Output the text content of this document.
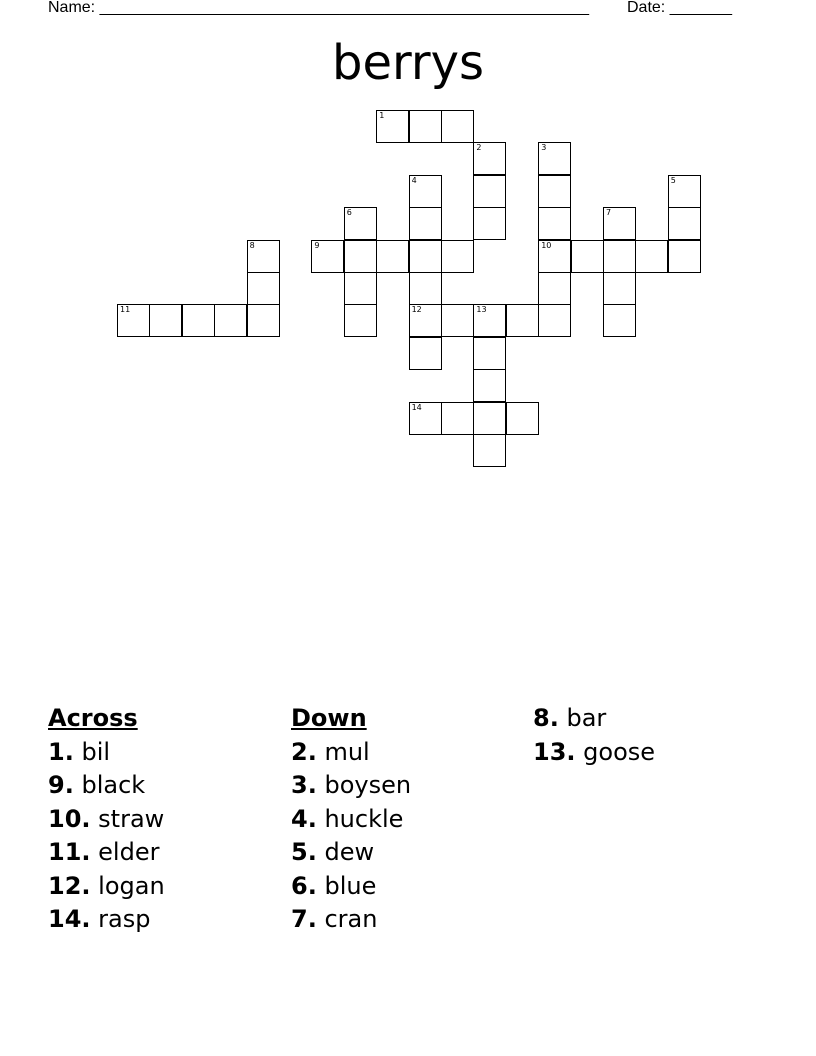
Name: _______________________________________________________ Date: _______
berrys
1
2	3
4	5
6	7
8	9	10
11	12	13
14
Across
1. bil
9. black
10. straw
11. elder
12. logan
14. rasp
Down
2. mul
3. boysen
4. huckle
5. dew
6. blue
7. cran
8. bar
13. goose
